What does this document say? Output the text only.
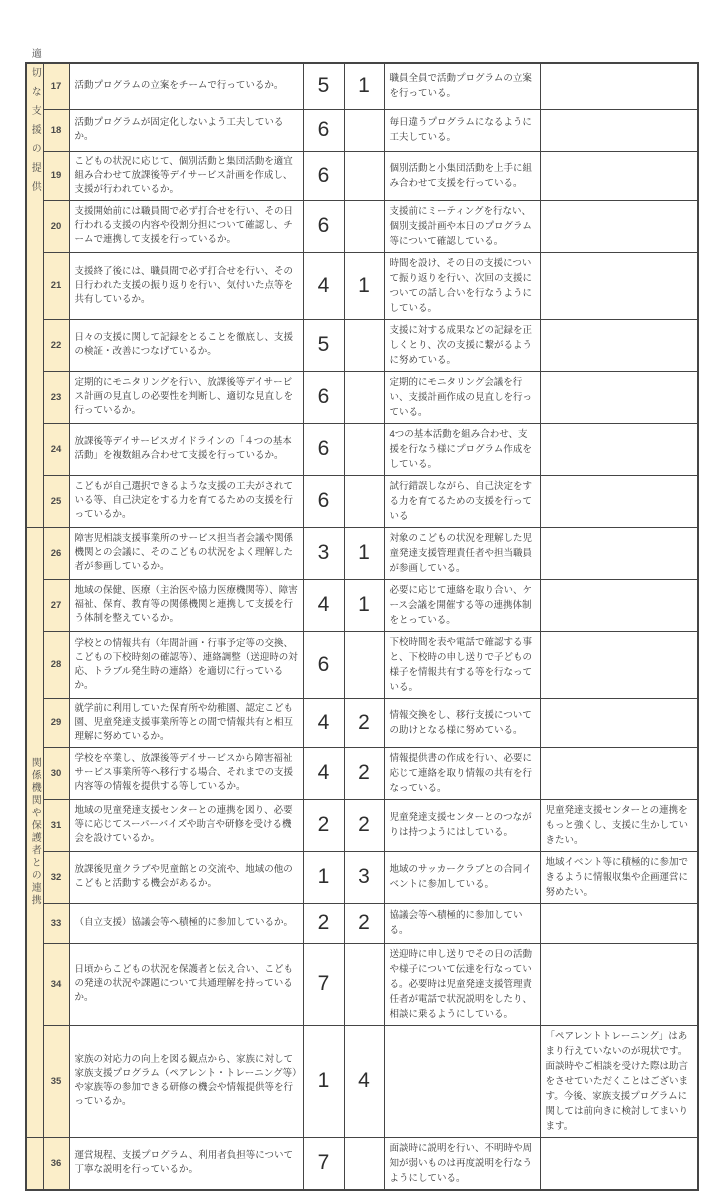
適切な支援の提供	17	活動プログラムの立案をチームで行っているか。	5	1	職員全員で活動プログラムの立案を行っている。	
	18	活動プログラムが固定化しないよう工夫しているか。	6		毎日違うプログラムになるように工夫している。	
	19	こどもの状況に応じて、個別活動と集団活動を適宜組み合わせて放課後等デイサービス計画を作成し、支援が行われているか。	6		個別活動と小集団活動を上手に組み合わせて支援を行っている。	
	20	支援開始前には職員間で必ず打合せを行い、その日行われる支援の内容や役割分担について確認し、チームで連携して支援を行っているか。	6		支援前にミーティングを行ない、個別支援計画や本日のプログラム等について確認している。	
	21	支援終了後には、職員間で必ず打合せを行い、その日行われた支援の振り返りを行い、気付いた点等を共有しているか。	4	1	時間を設け、その日の支援について振り返りを行い、次回の支援についての話し合いを行なうようにしている。	
	22	日々の支援に関して記録をとることを徹底し、支援の検証・改善につなげているか。	5		支援に対する成果などの記録を正しくとり、次の支援に繋がるように努めている。	
	23	定期的にモニタリングを行い、放課後等デイサービス計画の見直しの必要性を判断し、適切な見直しを行っているか。	6		定期的にモニタリング会議を行い、支援計画作成の見直しを行っている。	
	24	放課後等デイサービスガイドラインの「４つの基本活動」を複数組み合わせて支援を行っているか。	6		4つの基本活動を組み合わせ、支援を行なう様にプログラム作成をしている。	
	25	こどもが自己選択できるような支援の工夫がされている等、自己決定をする力を育てるための支援を行っているか。	6		試行錯誤しながら、自己決定をする力を育てるための支援を行っている	

関係機関や保護者との連携	26	障害児相談支援事業所のサービス担当者会議や関係機関との会議に、そのこどもの状況をよく理解した者が参画しているか。	3	1	対象のこどもの状況を理解した児童発達支援管理責任者や担当職員が参画している。	
	27	地域の保健、医療（主治医や協力医療機関等）、障害福祉、保育、教育等の関係機関と連携して支援を行う体制を整えているか。	4	1	必要に応じて連絡を取り合い、ケース会議を開催する等の連携体制をとっている。	
	28	学校との情報共有（年間計画・行事予定等の交換、こどもの下校時刻の確認等）、連絡調整（送迎時の対応、トラブル発生時の連絡）を適切に行っているか。	6		下校時間を表や電話で確認する事と、下校時の申し送りで子どもの様子を情報共有する等を行なっている。	
	29	就学前に利用していた保育所や幼稚園、認定こども園、児童発達支援事業所等との間で情報共有と相互理解に努めているか。	4	2	情報交換をし、移行支援についての助けとなる様に努めている。	
	30	学校を卒業し、放課後等デイサービスから障害福祉サービス事業所等へ移行する場合、それまでの支援内容等の情報を提供する等しているか。	4	2	情報提供書の作成を行い、必要に応じて連絡を取り情報の共有を行なっている。	
	31	地域の児童発達支援センターとの連携を図り、必要等に応じてスーパーバイズや助言や研修を受ける機会を設けているか。	2	2	児童発達支援センターとのつながりは持つようにはしている。	児童発達支援センターとの連携をもっと強くし、支援に生かしていきたい。
	32	放課後児童クラブや児童館との交流や、地域の他のこどもと活動する機会があるか。	1	3	地域のサッカークラブとの合同イベントに参加している。	地域イベント等に積極的に参加できるように情報収集や企画運営に努めたい。
	33	（自立支援）協議会等へ積極的に参加しているか。	2	2	協議会等へ積極的に参加している。	
	34	日頃からこどもの状況を保護者と伝え合い、こどもの発達の状況や課題について共通理解を持っているか。	7		送迎時に申し送りでその日の活動や様子について伝達を行なっている。必要時は児童発達支援管理責任者が電話で状況説明をしたり、相談に乗るようにしている。	
	35	家族の対応力の向上を図る観点から、家族に対して家族支援プログラム（ペアレント・トレーニング等）や家族等の参加できる研修の機会や情報提供等を行っているか。	1	4		「ペアレントトレーニング」はあまり行えていないのが現状です。面談時やご相談を受けた際は助言をさせていただくことはございます。今後、家族支援プログラムに関しては前向きに検討してまいります。

	36	運営規程、支援プログラム、利用者負担等について丁寧な説明を行っているか。	7		面談時に説明を行い、不明時や周知が弱いものは再度説明を行なうようにしている。	
